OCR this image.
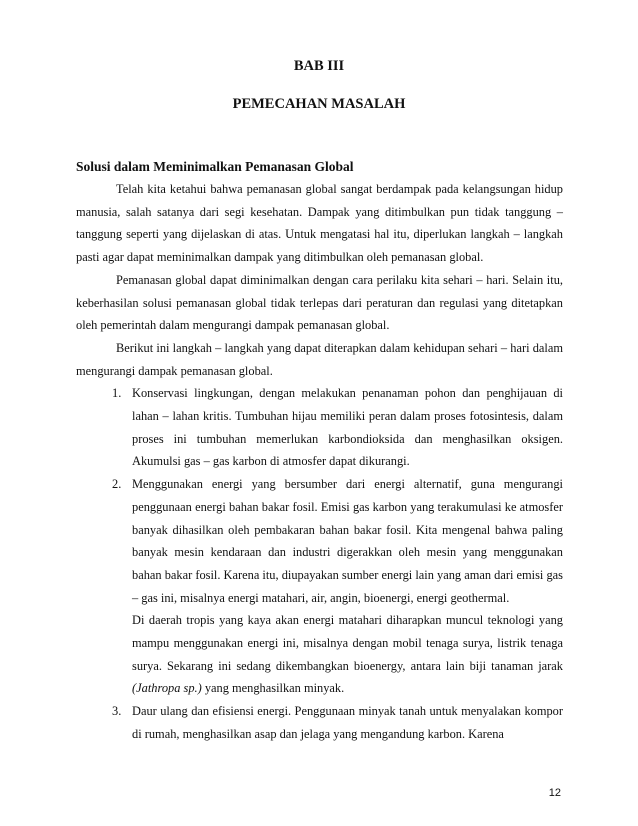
BAB III
PEMECAHAN MASALAH
Solusi dalam Meminimalkan Pemanasan Global

Telah kita ketahui bahwa pemanasan global sangat berdampak pada kelangsungan hidup manusia, salah satanya dari segi kesehatan. Dampak yang ditimbulkan pun tidak tanggung – tanggung seperti yang dijelaskan di atas. Untuk mengatasi hal itu, diperlukan langkah – langkah pasti agar dapat meminimalkan dampak yang ditimbulkan oleh pemanasan global.

Pemanasan global dapat diminimalkan dengan cara perilaku kita sehari – hari. Selain itu, keberhasilan solusi pemanasan global tidak terlepas dari peraturan dan regulasi yang ditetapkan oleh pemerintah dalam mengurangi dampak pemanasan global.

Berikut ini langkah – langkah yang dapat diterapkan dalam kehidupan sehari – hari dalam mengurangi dampak pemanasan global.

1. Konservasi lingkungan, dengan melakukan penanaman pohon dan penghijauan di lahan – lahan kritis. Tumbuhan hijau memiliki peran dalam proses fotosintesis, dalam proses ini tumbuhan memerlukan karbondioksida dan menghasilkan oksigen. Akumulsi gas – gas karbon di atmosfer dapat dikurangi.
2. Menggunakan energi yang bersumber dari energi alternatif, guna mengurangi penggunaan energi bahan bakar fosil. Emisi gas karbon yang terakumulasi ke atmosfer banyak dihasilkan oleh pembakaran bahan bakar fosil. Kita mengenal bahwa paling banyak mesin kendaraan dan industri digerakkan oleh mesin yang menggunakan bahan bakar fosil. Karena itu, diupayakan sumber energi lain yang aman dari emisi gas – gas ini, misalnya energi matahari, air, angin, bioenergi, energi geothermal.

Di daerah tropis yang kaya akan energi matahari diharapkan muncul teknologi yang mampu menggunakan energi ini, misalnya dengan mobil tenaga surya, listrik tenaga surya. Sekarang ini sedang dikembangkan bioenergy, antara lain biji tanaman jarak (Jathropa sp.) yang menghasilkan minyak.

3. Daur ulang dan efisiensi energi. Penggunaan minyak tanah untuk menyalakan kompor di rumah, menghasilkan asap dan jelaga yang mengandung karbon. Karena
12
